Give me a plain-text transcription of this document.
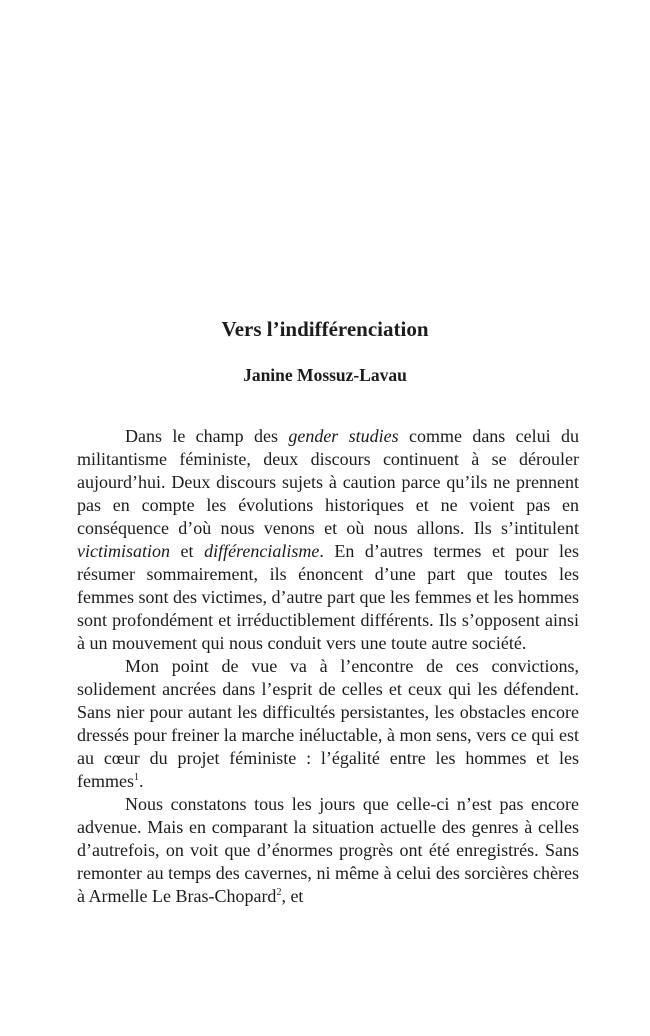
Vers l’indifférenciation
Janine Mossuz-Lavau

Dans le champ des gender studies comme dans celui du militantisme féministe, deux discours continuent à se dérouler aujourd’hui. Deux discours sujets à caution parce qu’ils ne prennent pas en compte les évolutions historiques et ne voient pas en conséquence d’où nous venons et où nous allons. Ils s’intitulent victimisation et différencialisme. En d’autres termes et pour les résumer sommairement, ils énoncent d’une part que toutes les femmes sont des victimes, d’autre part que les femmes et les hommes sont profondément et irréductiblement différents. Ils s’opposent ainsi à un mouvement qui nous conduit vers une toute autre société.

Mon point de vue va à l’encontre de ces convictions, solidement ancrées dans l’esprit de celles et ceux qui les défendent. Sans nier pour autant les difficultés persistantes, les obstacles encore dressés pour freiner la marche inéluctable, à mon sens, vers ce qui est au cœur du projet féministe : l’égalité entre les hommes et les femmes$^1$.

Nous constatons tous les jours que celle-ci n’est pas encore advenue. Mais en comparant la situation actuelle des genres à celles d’autrefois, on voit que d’énormes progrès ont été enregistrés. Sans remonter au temps des cavernes, ni même à celui des sorcières chères à Armelle Le Bras-Chopard$^2$, et
